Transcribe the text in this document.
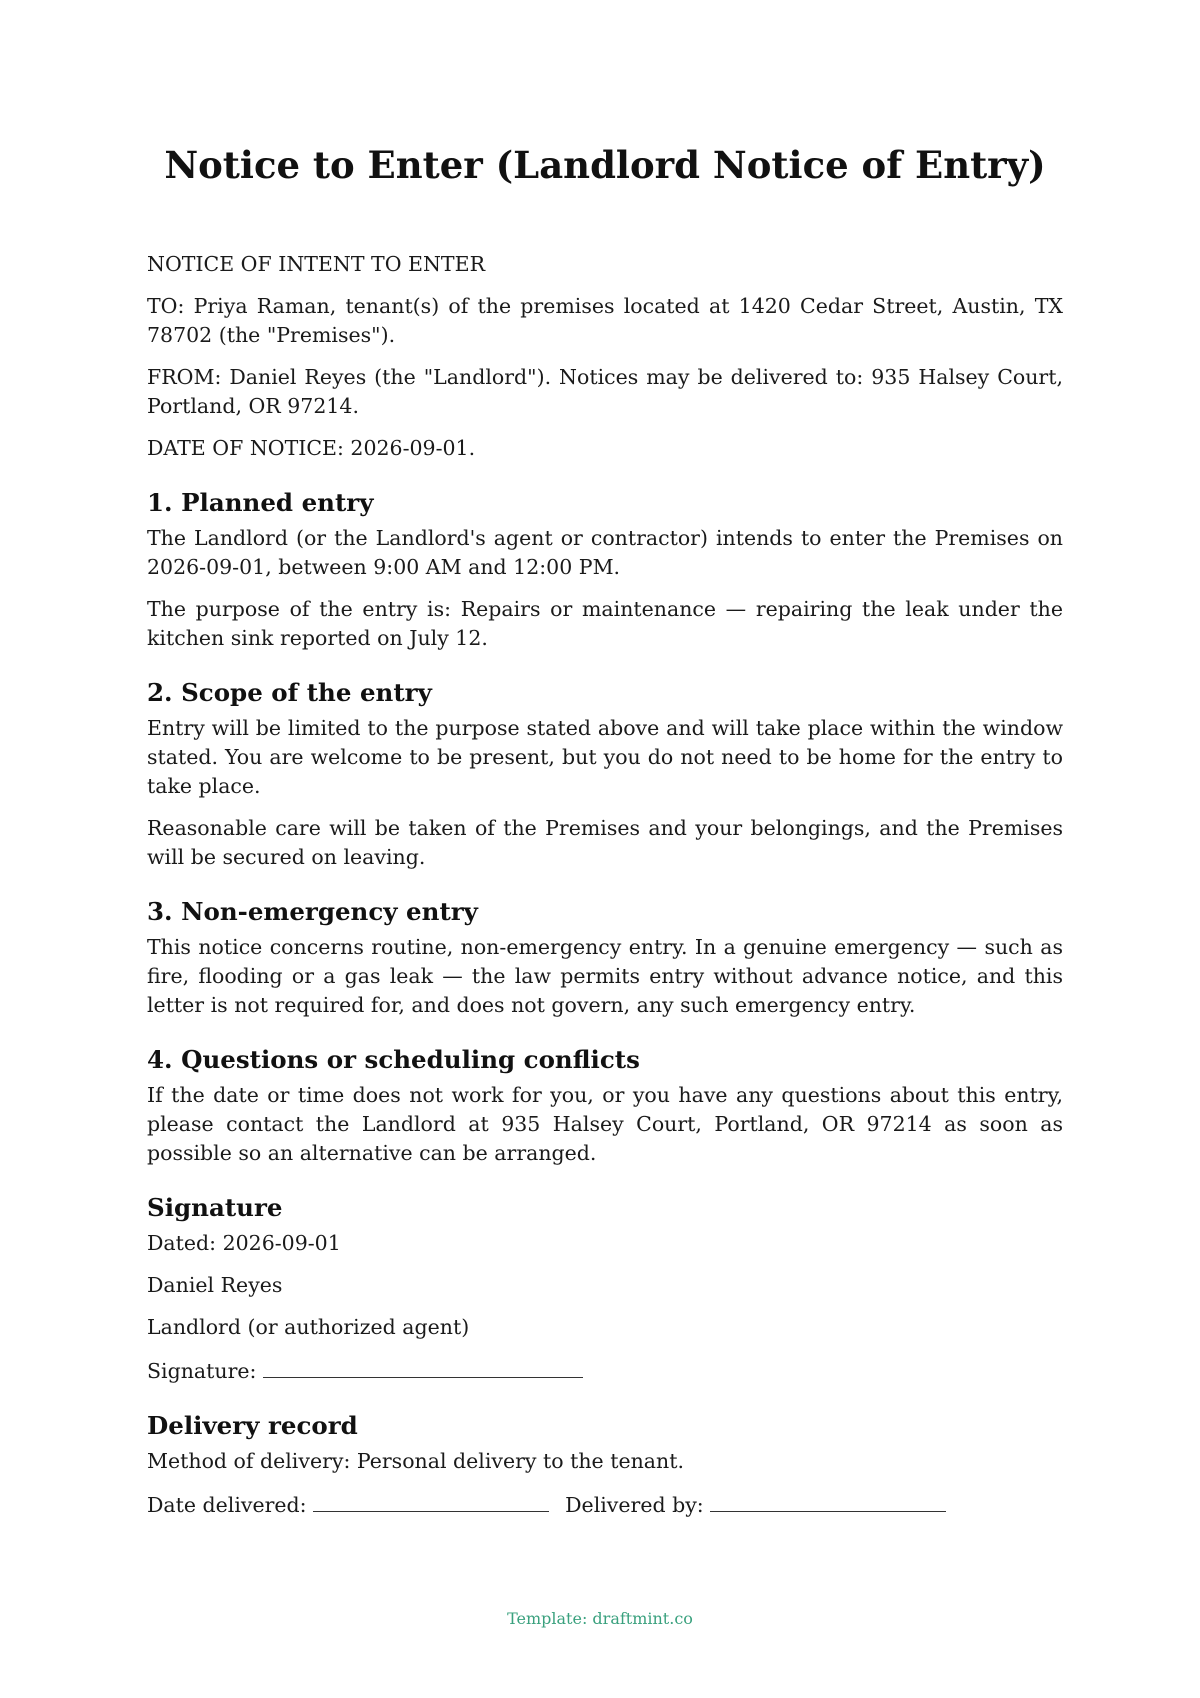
Notice to Enter (Landlord Notice of Entry)

NOTICE OF INTENT TO ENTER

TO: Priya Raman, tenant(s) of the premises located at 1420 Cedar Street, Austin, TX 78702 (the "Premises").

FROM: Daniel Reyes (the "Landlord"). Notices may be delivered to: 935 Halsey Court, Portland, OR 97214.

DATE OF NOTICE: 2026-09-01.

1. Planned entry

The Landlord (or the Landlord's agent or contractor) intends to enter the Premises on 2026-09-01, between 9:00 AM and 12:00 PM.

The purpose of the entry is: Repairs or maintenance — repairing the leak under the kitchen sink reported on July 12.

2. Scope of the entry

Entry will be limited to the purpose stated above and will take place within the window stated. You are welcome to be present, but you do not need to be home for the entry to take place.

Reasonable care will be taken of the Premises and your belongings, and the Premises will be secured on leaving.

3. Non-emergency entry

This notice concerns routine, non-emergency entry. In a genuine emergency — such as fire, flooding or a gas leak — the law permits entry without advance notice, and this letter is not required for, and does not govern, any such emergency entry.

4. Questions or scheduling conflicts

If the date or time does not work for you, or you have any questions about this entry, please contact the Landlord at 935 Halsey Court, Portland, OR 97214 as soon as possible so an alternative can be arranged.

Signature

Dated: 2026-09-01

Daniel Reyes

Landlord (or authorized agent)

Signature:

Delivery record

Method of delivery: Personal delivery to the tenant.

Date delivered:	Delivered by:

Template: draftmint.co
